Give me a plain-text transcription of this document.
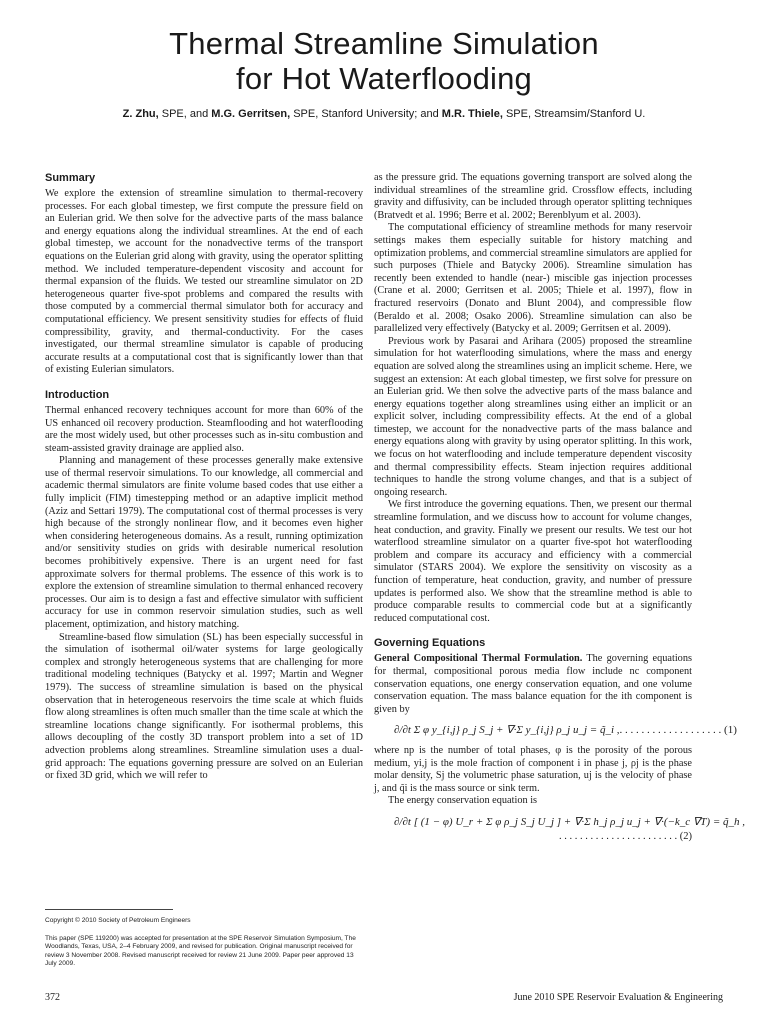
Thermal Streamline Simulation
for Hot Waterflooding
Z. Zhu, SPE, and M.G. Gerritsen, SPE, Stanford University; and M.R. Thiele, SPE, Streamsim/Stanford U.
Summary

We explore the extension of streamline simulation to thermal-recovery processes. For each global timestep, we first compute the pressure field on an Eulerian grid. We then solve for the advective parts of the mass balance and energy equations along the individual streamlines. At the end of each global timestep, we account for the nonadvective terms of the transport equations on the Eulerian grid along with gravity, using the operator splitting method. We included temperature-dependent viscosity and account for thermal expansion of the fluids. We tested our streamline simulator on 2D heterogeneous quarter five-spot problems and compared the results with those computed by a commercial thermal simulator both for accuracy and computational efficiency. We present sensitivity studies for effects of fluid compressibility, gravity, and thermal-conductivity. For the cases investigated, our thermal streamline simulator is capable of producing accurate results at a computational cost that is significantly lower than that of existing Eulerian simulators.

Introduction

Thermal enhanced recovery techniques account for more than 60% of the US enhanced oil recovery production. Steamflooding and hot waterflooding are the most widely used, but other processes such as in-situ combustion and steam-assisted gravity drainage are applied also.

Planning and management of these processes generally make extensive use of thermal reservoir simulations. To our knowledge, all commercial and academic thermal simulators are finite volume based codes that use either a fully implicit (FIM) timestepping method or an adaptive implicit method (Aziz and Settari 1979). The computational cost of thermal processes is very high because of the strongly nonlinear flow, and it becomes even higher when considering heterogeneous domains. As a result, running optimization and/or sensitivity studies on grids with desirable numerical resolution becomes prohibitively expensive. There is an urgent need for fast approximate solvers for thermal problems. The essence of this work is to explore the extension of streamline simulation to thermal enhanced recovery processes. Our aim is to design a fast and effective simulator with sufficient accuracy for use in common reservoir simulation studies, such as well placement, optimization, and history matching.

Streamline-based flow simulation (SL) has been especially successful in the simulation of isothermal oil/water systems for large geologically complex and strongly heterogeneous systems that are challenging for more traditional modeling techniques (Batycky et al. 1997; Martin and Wegner 1979). The success of streamline simulation is based on the physical observation that in heterogeneous reservoirs the time scale at which fluids flow along streamlines is often much smaller than the time scale at which the streamline locations change significantly. For isothermal problems, this allows decoupling of the costly 3D transport problem into a set of 1D advection problems along streamlines. Streamline simulation uses a dual-grid approach: The equations governing pressure are solved on an Eulerian or fixed 3D grid, which we will refer to

as the pressure grid. The equations governing transport are solved along the individual streamlines of the streamline grid. Crossflow effects, including gravity and diffusivity, can be included through operator splitting techniques (Bratvedt et al. 1996; Berre et al. 2002; Berenblyum et al. 2003).

The computational efficiency of streamline methods for many reservoir settings makes them especially suitable for history matching and optimization problems, and commercial streamline simulators are applied for such purposes (Thiele and Batycky 2006). Streamline simulation has recently been extended to handle (near-) miscible gas injection processes (Crane et al. 2000; Gerritsen et al. 2005; Thiele et al. 1997), flow in fractured reservoirs (Donato and Blunt 2004), and compressible flow (Beraldo et al. 2008; Osako 2006). Streamline simulation can also be parallelized very effectively (Batycky et al. 2009; Gerritsen et al. 2009).

Previous work by Pasarai and Arihara (2005) proposed the streamline simulation for hot waterflooding simulations, where the mass and energy equation are solved along the streamlines using an implicit scheme. Here, we suggest an extension: At each global timestep, we first solve for pressure on an Eulerian grid. We then solve the advective parts of the mass balance and energy equations together along streamlines using either an implicit or an explicit solver, including compressibility effects. At the end of a global timestep, we account for the nonadvective parts of the mass balance and energy equations along with gravity by using operator splitting. In this work, we focus on hot waterflooding and include temperature dependent viscosity and thermal compressibility effects. Steam injection requires additional techniques to handle the strong volume changes, and that is a subject of ongoing research.

We first introduce the governing equations. Then, we present our thermal streamline formulation, and we discuss how to account for volume changes, heat conduction, and gravity. Finally we present our results. We test our hot waterflood streamline simulator on a quarter five-spot hot waterflooding problem and compare its accuracy and efficiency with a commercial simulator (STARS 2004). We explore the sensitivity on viscosity as a function of temperature, heat conduction, gravity, and number of pressure updates is performed also. We show that the streamline method is able to produce comparable results to commercial code but at a significantly reduced computational cost.

Governing Equations

General Compositional Thermal Formulation. The governing equations for thermal, compositional porous media flow include nc component conservation equations, one energy conservation equation, and one volume conservation equation. The mass balance equation for the ith component is given by

∂/∂t Σ φ y_{i,j} ρ_j S_j + ∇·Σ y_{i,j} ρ_j u_j = q̃_i , . . . . . . . . . . . . . . . . . . . (1)

where np is the number of total phases, φ is the porosity of the porous medium, yi,j is the mole fraction of component i in phase j, ρj is the phase molar density, Sj the volumetric phase saturation, uj is the velocity of phase j, and q̃i is the mass source or sink term.

The energy conservation equation is

∂/∂t [ (1 − φ) U_r + Σ φ ρ_j S_j U_j ] + ∇·Σ h_j ρ_j u_j + ∇·(−k_c ∇T) = q̃_h ,
. . . . . . . . . . . . . . . . . . . . . . . (2)
Copyright © 2010 Society of Petroleum Engineers
This paper (SPE 119200) was accepted for presentation at the SPE Reservoir Simulation Symposium, The Woodlands, Texas, USA, 2–4 February 2009, and revised for publication. Original manuscript received for review 3 November 2008. Revised manuscript received for review 21 June 2009. Paper peer approved 13 July 2009.
372	June 2010 SPE Reservoir Evaluation & Engineering
